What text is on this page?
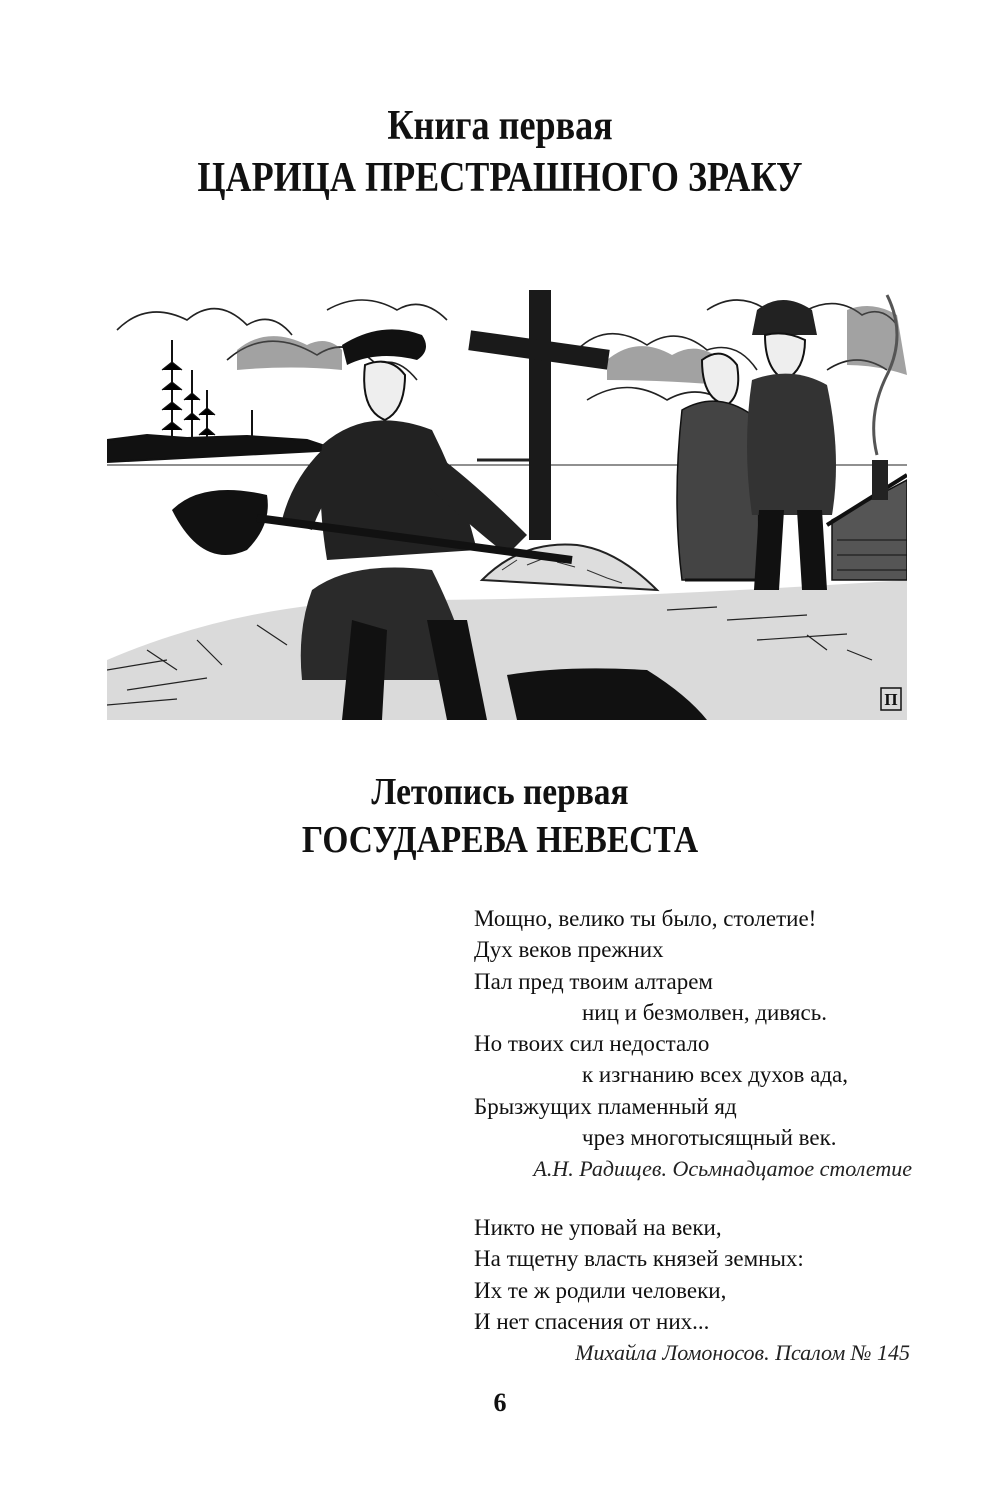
Книга первая
ЦАРИЦА ПРЕСТРАШНОГО ЗРАКУ
П
Летопись первая
ГОСУДАРЕВА НЕВЕСТА
Мощно, велико ты было, столетие!
Дух веков прежних
Пал пред твоим алтарем
ниц и безмолвен, дивясь.
Но твоих сил недостало
к изгнанию всех духов ада,
Брызжущих пламенный яд
чрез многотысящный век.
А.Н. Радищев. Осьмнадцатое столетие
Никто не уповай на веки,
На тщетну власть князей земных:
Их те ж родили человеки,
И нет спасения от них...
Михайла Ломоносов. Псалом № 145
6
